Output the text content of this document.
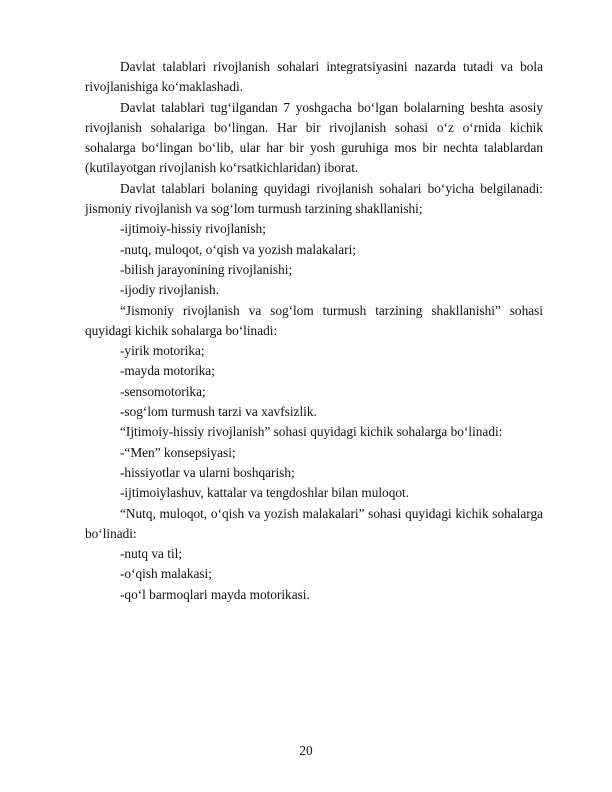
Davlat talablari rivojlanish sohalari integratsiyasini nazarda tutadi va bola rivojlanishiga ko‘maklashadi.

Davlat talablari tug‘ilgandan 7 yoshgacha bo‘lgan bolalarning beshta asosiy rivojlanish sohalariga bo‘lingan. Har bir rivojlanish sohasi o‘z o‘rnida kichik sohalarga bo‘lingan bo‘lib, ular har bir yosh guruhiga mos bir nechta talablardan (kutilayotgan rivojlanish ko‘rsatkichlaridan) iborat.

Davlat talablari bolaning quyidagi rivojlanish sohalari bo‘yicha belgilanadi: jismoniy rivojlanish va sog‘lom turmush tarzining shakllanishi;

-ijtimoiy-hissiy rivojlanish;

-nutq, muloqot, o‘qish va yozish malakalari;

-bilish jarayonining rivojlanishi;

-ijodiy rivojlanish.

“Jismoniy rivojlanish va sog‘lom turmush tarzining shakllanishi” sohasi quyidagi kichik sohalarga bo‘linadi:

-yirik motorika;

-mayda motorika;

-sensomotorika;

-sog‘lom turmush tarzi va xavfsizlik.

“Ijtimoiy-hissiy rivojlanish” sohasi quyidagi kichik sohalarga bo‘linadi:

-“Men” konsepsiyasi;

-hissiyotlar va ularni boshqarish;

-ijtimoiylashuv, kattalar va tengdoshlar bilan muloqot.

“Nutq, muloqot, o‘qish va yozish malakalari” sohasi quyidagi kichik sohalarga bo‘linadi:

-nutq va til;

-o‘qish malakasi;

-qo‘l barmoqlari mayda motorikasi.

20
